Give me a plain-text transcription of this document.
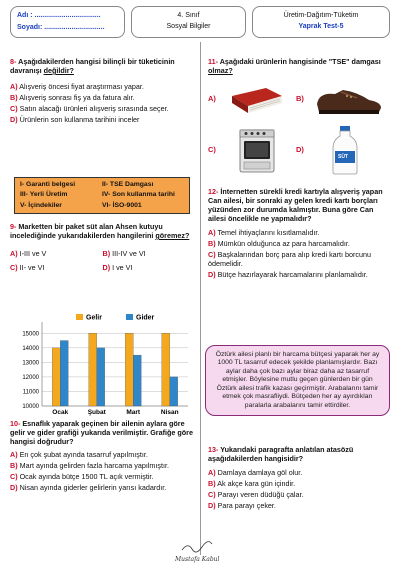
Adı : ..................................
Soyadı: ...............................
4. Sınıf
Sosyal Bilgiler
Üretim-Dağıtım-Tüketim
Yaprak Test-5
8- Aşağıdakilerden hangisi bilinçli bir tüketicinin davranışı değildir?
A) Alışveriş öncesi fiyat araştırması yapar.
B) Alışveriş sonrası fiş ya da fatura alır.
C) Satın alacağı ürünleri alışveriş sırasında seçer.
D) Ürünlerin son kullanma tarihini inceler
I- Garanti belgesi	II- TSE Damgası
III- Yerli Üretim	IV- Son kullanma tarihi
V- İçindekiler	VI- İSO-9001
9- Marketten bir paket süt alan Ahsen kutuyu incelediğinde yukarıdakilerden hangilerini göremez?
A) I-III ve V	B) III-IV ve VI
C) II- ve VI	D) I ve VI
15000
14000
13000
12000
11000
10000
Ocak	Şubat	Mart	Nisan
Gelir	Gider
10- Esnaflık yaparak geçinen bir ailenin aylara göre gelir ve gider grafiği yukarıda verilmiştir. Grafiğe göre hangisi doğrudur?
A) En çok şubat ayında tasarruf yapılmıştır.
B) Mart ayında gelirden fazla harcama yapılmıştır.
C) Ocak ayında bütçe 1500 TL açık vermiştir.
D) Nisan ayında giderler gelirlerin yarısı kadardır.
11- Aşağıdaki ürünlerin hangisinde "TSE" damgası olmaz?
A)	B)
C)	D)
SÜT
12- İnternetten sürekli kredi kartıyla alışveriş yapan Can ailesi, bir sonraki ay gelen kredi kartı borçları yüzünden zor durumda kalmıştır. Buna göre Can ailesi öncelikle ne yapmalıdır?
A) Temel ihtiyaçlarını kısıtlamalıdır.
B) Mümkün olduğunca az para harcamalıdır.
C) Başkalarından borç para alıp kredi kartı borcunu ödemelidir.
D) Bütçe hazırlayarak harcamalarını planlamalıdır.
Öztürk ailesi planlı bir harcama bütçesi yaparak her ay 1000 TL tasarruf edecek şekilde planlamışlardır. Bazı aylar daha çok bazı aylar biraz daha az tasarruf etmişler. Böylesine mutlu geçen günlerden bir gün Öztürk ailesi trafik kazası geçirmiştir. Arabalarını tamir etmek çok masrafliydi. Bütçeden her ay ayırdıkları paralarla arabalarını tamir ettirdiler.
13- Yukarıdaki paragrafta anlatılan atasözü aşağıdakilerden hangisidir?
A) Damlaya damlaya göl olur.
B) Ak akçe kara gün içindir.
C) Parayı veren düdüğü çalar.
D) Para parayı çeker.
Mustafa Kabul
